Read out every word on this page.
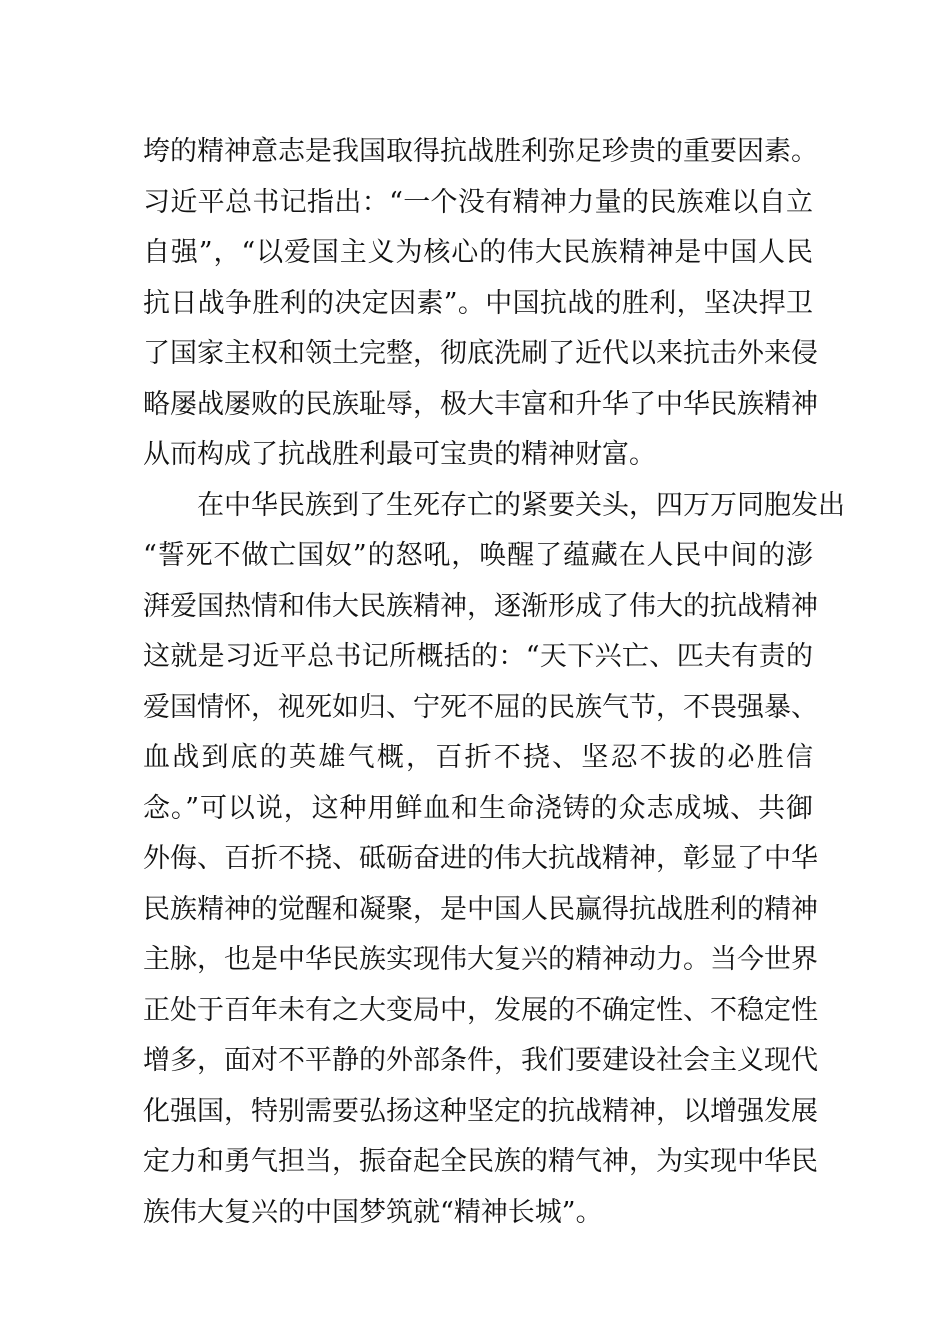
垮的精神意志是我国取得抗战胜利弥足珍贵的重要因素。
习近平总书记指出：“一个没有精神力量的民族难以自立
自强”，“以爱国主义为核心的伟大民族精神是中国人民
抗日战争胜利的决定因素”。中国抗战的胜利，坚决捍卫
了国家主权和领土完整，彻底洗刷了近代以来抗击外来侵
略屡战屡败的民族耻辱，极大丰富和升华了中华民族精神
从而构成了抗战胜利最可宝贵的精神财富。
在中华民族到了生死存亡的紧要关头，四万万同胞发出
“誓死不做亡国奴”的怒吼，唤醒了蕴藏在人民中间的澎
湃爱国热情和伟大民族精神，逐渐形成了伟大的抗战精神
这就是习近平总书记所概括的：“天下兴亡、匹夫有责的
爱国情怀，视死如归、宁死不屈的民族气节，不畏强暴、
血战到底的英雄气概，百折不挠、坚忍不拔的必胜信
念。”可以说，这种用鲜血和生命浇铸的众志成城、共御
外侮、百折不挠、砥砺奋进的伟大抗战精神，彰显了中华
民族精神的觉醒和凝聚，是中国人民赢得抗战胜利的精神
主脉，也是中华民族实现伟大复兴的精神动力。当今世界
正处于百年未有之大变局中，发展的不确定性、不稳定性
增多，面对不平静的外部条件，我们要建设社会主义现代
化强国，特别需要弘扬这种坚定的抗战精神，以增强发展
定力和勇气担当，振奋起全民族的精气神，为实现中华民
族伟大复兴的中国梦筑就“精神长城”。
